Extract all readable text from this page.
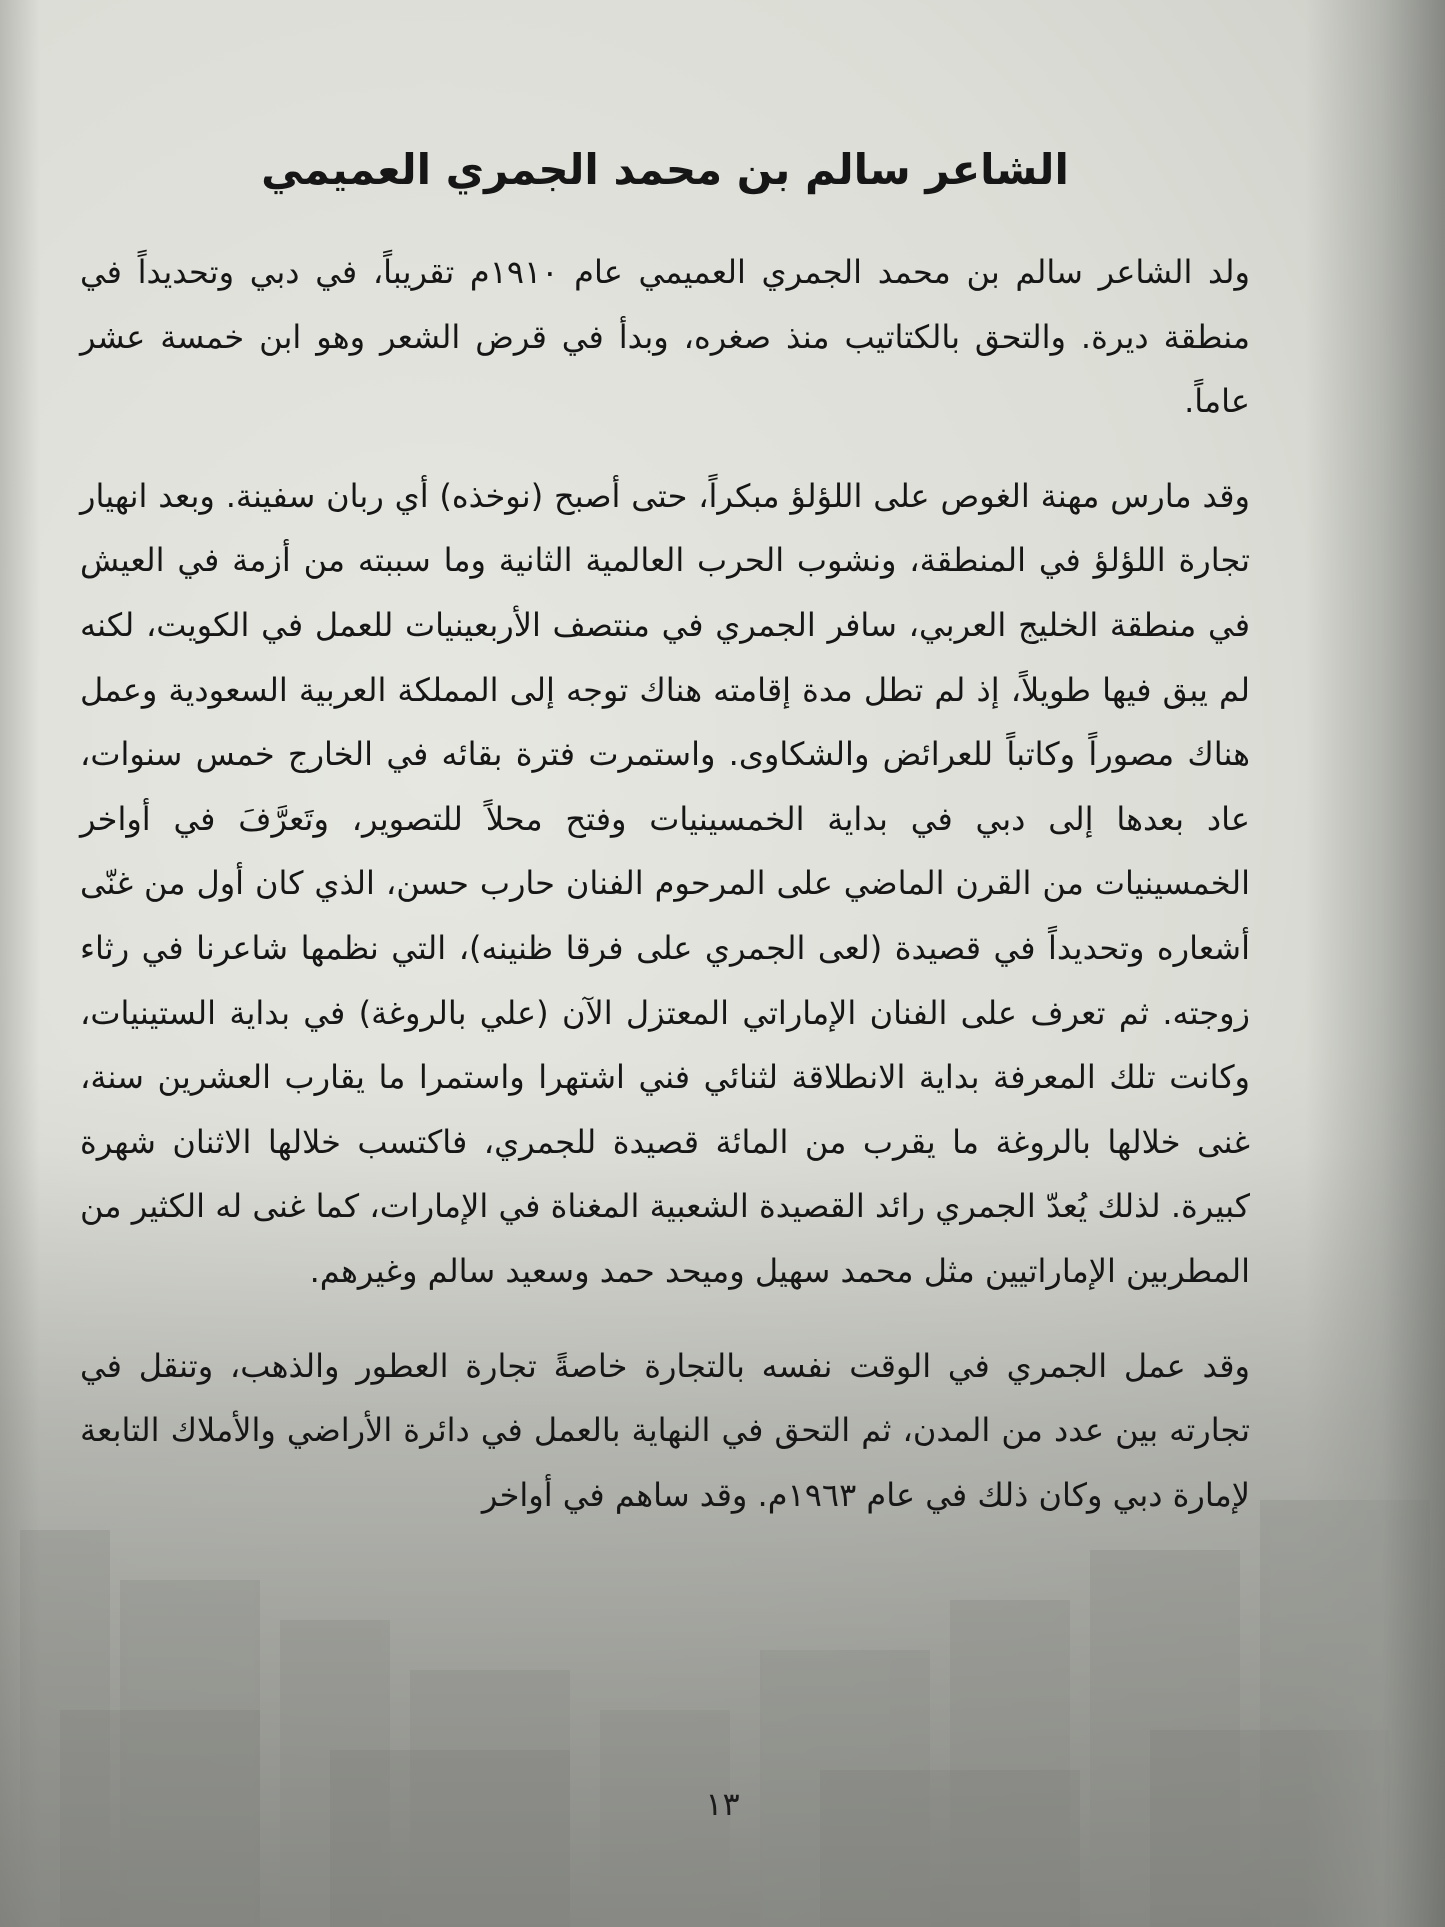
الشاعر سالم بن محمد الجمري العميمي

ولد الشاعر سالم بن محمد الجمري العميمي عام ١٩١٠م تقريباً، في دبي وتحديداً في منطقة ديرة. والتحق بالكتاتيب منذ صغره، وبدأ في قرض الشعر وهو ابن خمسة عشر عاماً.

وقد مارس مهنة الغوص على اللؤلؤ مبكراً، حتى أصبح (نوخذه) أي ربان سفينة. وبعد انهيار تجارة اللؤلؤ في المنطقة، ونشوب الحرب العالمية الثانية وما سببته من أزمة في العيش في منطقة الخليج العربي، سافر الجمري في منتصف الأربعينيات للعمل في الكويت، لكنه لم يبق فيها طويلاً، إذ لم تطل مدة إقامته هناك توجه إلى المملكة العربية السعودية وعمل هناك مصوراً وكاتباً للعرائض والشكاوى. واستمرت فترة بقائه في الخارج خمس سنوات، عاد بعدها إلى دبي في بداية الخمسينيات وفتح محلاً للتصوير، وتَعرَّفَ في أواخر الخمسينيات من القرن الماضي على المرحوم الفنان حارب حسن، الذي كان أول من غنّى أشعاره وتحديداً في قصيدة (لعى الجمري على فرقا ظنينه)، التي نظمها شاعرنا في رثاء زوجته. ثم تعرف على الفنان الإماراتي المعتزل الآن (علي بالروغة) في بداية الستينيات، وكانت تلك المعرفة بداية الانطلاقة لثنائي فني اشتهرا واستمرا ما يقارب العشرين سنة، غنى خلالها بالروغة ما يقرب من المائة قصيدة للجمري، فاكتسب خلالها الاثنان شهرة كبيرة. لذلك يُعدّ الجمري رائد القصيدة الشعبية المغناة في الإمارات، كما غنى له الكثير من المطربين الإماراتيين مثل محمد سهيل وميحد حمد وسعيد سالم وغيرهم.

وقد عمل الجمري في الوقت نفسه بالتجارة خاصةً تجارة العطور والذهب، وتنقل في تجارته بين عدد من المدن، ثم التحق في النهاية بالعمل في دائرة الأراضي والأملاك التابعة لإمارة دبي وكان ذلك في عام ١٩٦٣م. وقد ساهم في أواخر

١٣
